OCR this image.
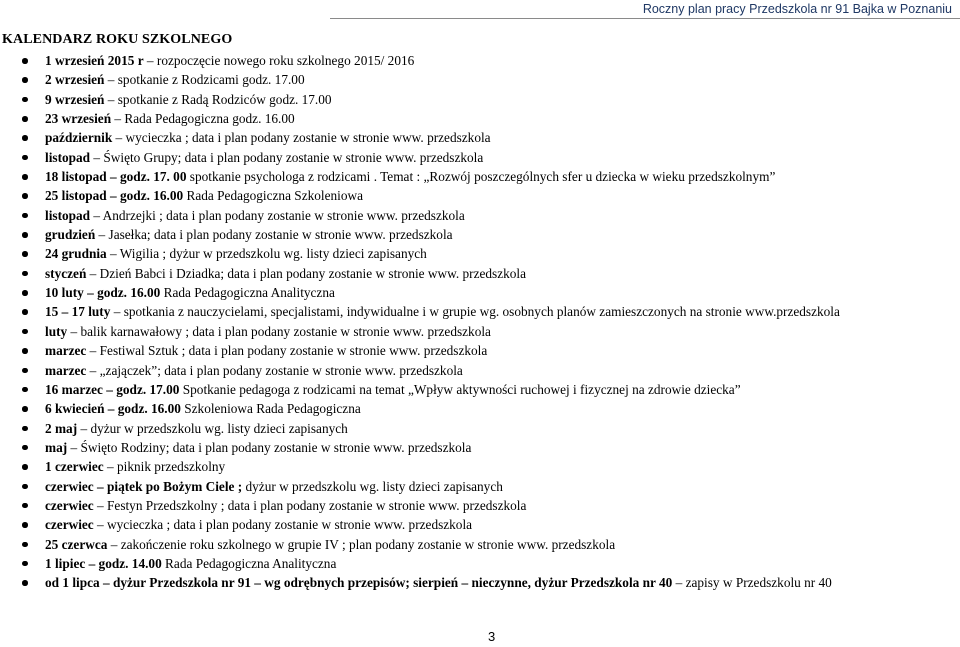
Roczny plan pracy Przedszkola nr 91 Bajka w Poznaniu
KALENDARZ ROKU SZKOLNEGO
1 wrzesień 2015 r – rozpoczęcie nowego roku szkolnego 2015/ 2016
2 wrzesień – spotkanie z Rodzicami godz. 17.00
9 wrzesień – spotkanie z Radą Rodziców godz. 17.00
23 wrzesień – Rada Pedagogiczna godz. 16.00
październik – wycieczka ; data i plan podany zostanie w stronie www. przedszkola
listopad – Święto Grupy; data i plan podany zostanie w stronie www. przedszkola
18 listopad – godz. 17. 00 spotkanie psychologa z rodzicami . Temat : „Rozwój poszczególnych sfer u dziecka w wieku przedszkolnym”
25 listopad – godz. 16.00 Rada Pedagogiczna Szkoleniowa
listopad – Andrzejki ; data i plan podany zostanie w stronie www. przedszkola
grudzień – Jasełka; data i plan podany zostanie w stronie www. przedszkola
24 grudnia – Wigilia ; dyżur w przedszkolu wg. listy dzieci zapisanych
styczeń – Dzień Babci i Dziadka; data i plan podany zostanie w stronie www. przedszkola
10 luty – godz. 16.00 Rada Pedagogiczna Analityczna
15 – 17 luty – spotkania z nauczycielami, specjalistami, indywidualne i w grupie wg. osobnych planów zamieszczonych na stronie www.przedszkola
luty – balik karnawałowy ; data i plan podany zostanie w stronie www. przedszkola
marzec – Festiwal Sztuk ; data i plan podany zostanie w stronie www. przedszkola
marzec – „zajączek”; data i plan podany zostanie w stronie www. przedszkola
16 marzec – godz. 17.00 Spotkanie pedagoga z rodzicami na temat „Wpływ aktywności ruchowej i fizycznej na zdrowie dziecka”
6 kwiecień – godz. 16.00 Szkoleniowa Rada Pedagogiczna
2 maj – dyżur w przedszkolu wg. listy dzieci zapisanych
maj – Święto Rodziny; data i plan podany zostanie w stronie www. przedszkola
1 czerwiec – piknik przedszkolny
czerwiec – piątek po Bożym Ciele ; dyżur w przedszkolu wg. listy dzieci zapisanych
czerwiec – Festyn Przedszkolny ; data i plan podany zostanie w stronie www. przedszkola
czerwiec – wycieczka ; data i plan podany zostanie w stronie www. przedszkola
25 czerwca – zakończenie roku szkolnego w grupie IV ; plan podany zostanie w stronie www. przedszkola
1 lipiec – godz. 14.00 Rada Pedagogiczna Analityczna
od 1 lipca – dyżur Przedszkola nr 91 – wg odrębnych przepisów; sierpień – nieczynne, dyżur Przedszkola nr 40 – zapisy w Przedszkolu nr 40
3
